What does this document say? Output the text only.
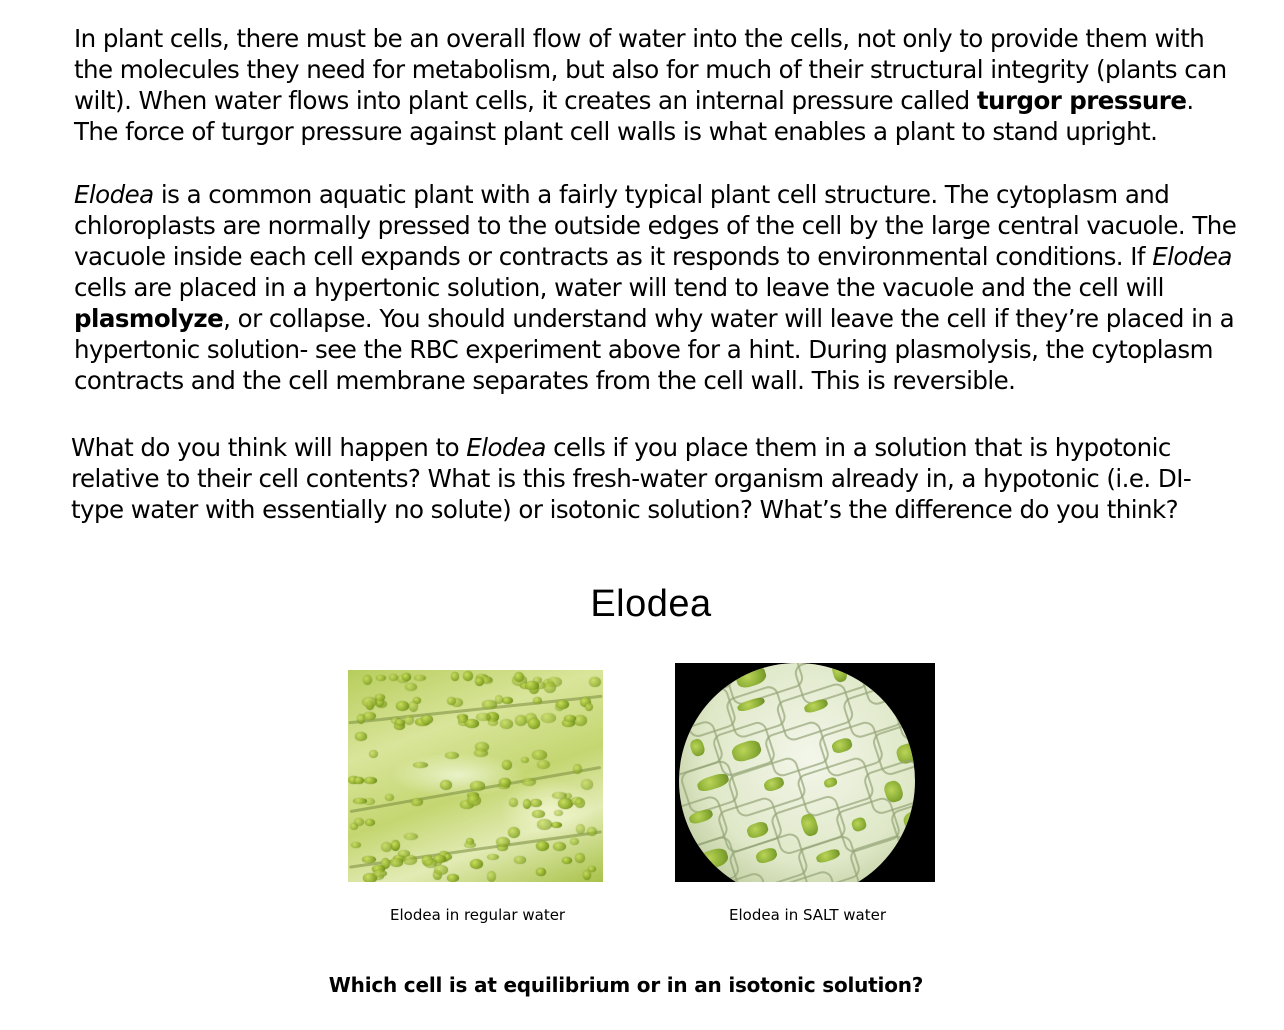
In plant cells, there must be an overall flow of water into the cells, not only to provide them with
the molecules they need for metabolism, but also for much of their structural integrity (plants can
wilt). When water flows into plant cells, it creates an internal pressure called turgor pressure.
The force of turgor pressure against plant cell walls is what enables a plant to stand upright.
Elodea is a common aquatic plant with a fairly typical plant cell structure. The cytoplasm and
chloroplasts are normally pressed to the outside edges of the cell by the large central vacuole. The
vacuole inside each cell expands or contracts as it responds to environmental conditions. If Elodea
cells are placed in a hypertonic solution, water will tend to leave the vacuole and the cell will
plasmolyze, or collapse. You should understand why water will leave the cell if they’re placed in a
hypertonic solution- see the RBC experiment above for a hint. During plasmolysis, the cytoplasm
contracts and the cell membrane separates from the cell wall. This is reversible.
What do you think will happen to Elodea cells if you place them in a solution that is hypotonic
relative to their cell contents? What is this fresh-water organism already in, a hypotonic (i.e. DI-
type water with essentially no solute) or isotonic solution? What’s the difference do you think?
Elodea
Elodea in regular water	Elodea in SALT water
Which cell is at equilibrium or in an isotonic solution?
